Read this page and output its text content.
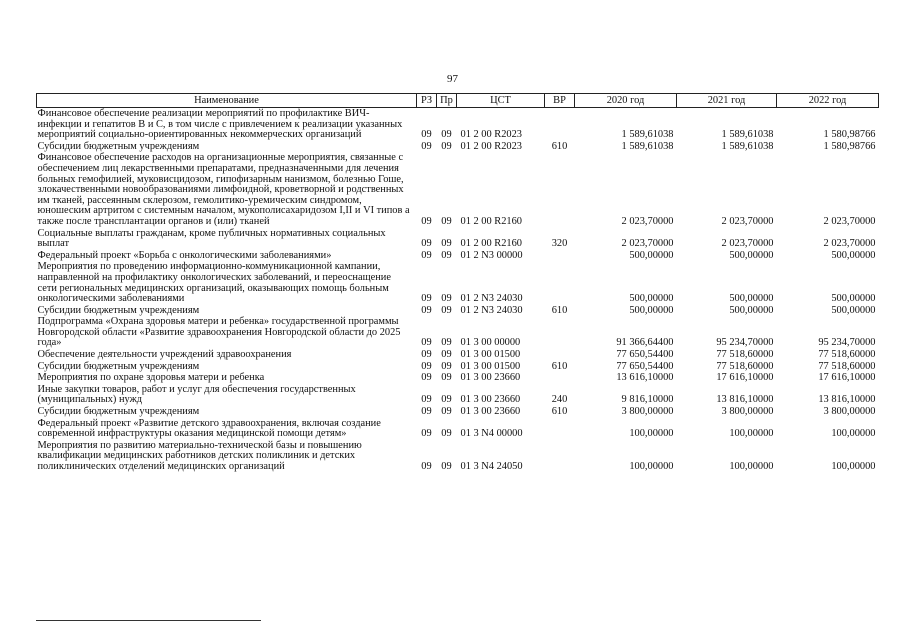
97
Наименование	РЗ	Пр	ЦСТ	ВР	2020 год	2021 год	2022 год
Финансовое обеспечение реализации мероприятий по профилактике ВИЧ-инфекции и гепатитов В и С, в том числе с привлечением к реализации указанных мероприятий социально-ориентированных некоммерческих организаций	09	09	01 2 00 R2023		1 589,61038	1 589,61038	1 580,98766
Субсидии бюджетным учреждениям	09	09	01 2 00 R2023	610	1 589,61038	1 589,61038	1 580,98766
Финансовое обеспечение расходов на организационные мероприятия, связанные с обеспечением лиц лекарственными препаратами, предназначенными для лечения больных гемофилией, муковисцидозом, гипофизарным нанизмом, болезнью Гоше, злокачественными новообразованиями лимфоидной, кроветворной и родственных им тканей, рассеянным склерозом, гемолитико-уремическим синдромом, юношеским артритом с системным началом, мукополисахаридозом I,II и VI типов а также после трансплантации органов и (или) тканей	09	09	01 2 00 R2160		2 023,70000	2 023,70000	2 023,70000
Социальные выплаты гражданам, кроме публичных нормативных социальных выплат	09	09	01 2 00 R2160	320	2 023,70000	2 023,70000	2 023,70000
Федеральный проект «Борьба с онкологическими заболеваниями»	09	09	01 2 N3 00000		500,00000	500,00000	500,00000
Мероприятия по проведению информационно-коммуникационной кампании, направленной на профилактику онкологических заболеваний, и переоснащение сети региональных медицинских организаций, оказывающих помощь больным онкологическими заболеваниями	09	09	01 2 N3 24030		500,00000	500,00000	500,00000
Субсидии бюджетным учреждениям	09	09	01 2 N3 24030	610	500,00000	500,00000	500,00000
Подпрограмма «Охрана здоровья матери и ребенка» государственной программы Новгородской области «Развитие здравоохранения Новгородской области до 2025 года»	09	09	01 3 00 00000		91 366,64400	95 234,70000	95 234,70000
Обеспечение деятельности учреждений здравоохранения	09	09	01 3 00 01500		77 650,54400	77 518,60000	77 518,60000
Субсидии бюджетным учреждениям	09	09	01 3 00 01500	610	77 650,54400	77 518,60000	77 518,60000
Мероприятия по охране здоровья матери и ребенка	09	09	01 3 00 23660		13 616,10000	17 616,10000	17 616,10000
Иные закупки товаров, работ и услуг для обеспечения государственных (муниципальных) нужд	09	09	01 3 00 23660	240	9 816,10000	13 816,10000	13 816,10000
Субсидии бюджетным учреждениям	09	09	01 3 00 23660	610	3 800,00000	3 800,00000	3 800,00000
Федеральный проект «Развитие детского здравоохранения, включая создание современной инфраструктуры оказания медицинской помощи детям»	09	09	01 3 N4 00000		100,00000	100,00000	100,00000
Мероприятия по развитию материально-технической базы и повышению квалификации медицинских работников детских поликлиник и детских поликлинических отделений медицинских организаций	09	09	01 3 N4 24050		100,00000	100,00000	100,00000
